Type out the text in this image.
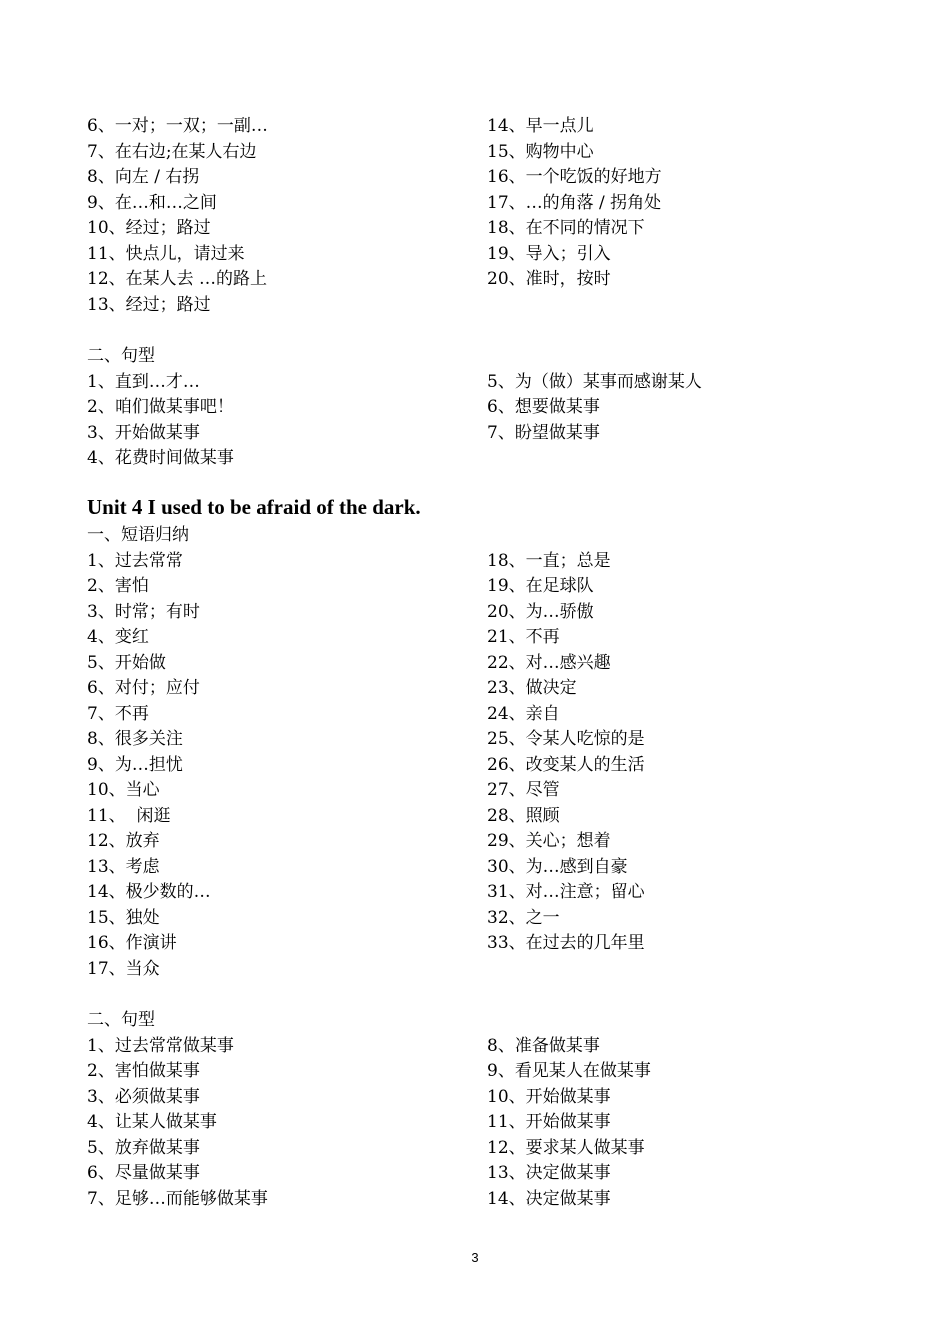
6、一对；一双；一副…
7、在右边;在某人右边
8、向左 / 右拐
9、在…和…之间
10、经过；路过
11、快点儿，请过来
12、在某人去 …的路上
13、经过；路过
14、早一点儿
15、购物中心
16、一个吃饭的好地方
17、…的角落 / 拐角处
18、在不同的情况下
19、导入；引入
20、准时，按时
二、句型
1、直到…才…
2、咱们做某事吧！
3、开始做某事
4、花费时间做某事
5、为（做）某事而感谢某人
6、想要做某事
7、盼望做某事
Unit 4 I used to be afraid of the dark.
一、短语归纳
1、过去常常
2、害怕
3、时常；有时
4、变红
5、开始做
6、对付；应付
7、不再
8、很多关注
9、为…担忧
10、当心
11、  闲逛
12、放弃
13、考虑
14、极少数的…
15、独处
16、作演讲
17、当众
18、一直；总是
19、在足球队
20、为…骄傲
21、不再
22、对…感兴趣
23、做决定
24、亲自
25、令某人吃惊的是
26、改变某人的生活
27、尽管
28、照顾
29、关心；想着
30、为…感到自豪
31、对…注意；留心
32、之一
33、在过去的几年里
二、句型
1、过去常常做某事
2、害怕做某事
3、必须做某事
4、让某人做某事
5、放弃做某事
6、尽量做某事
7、足够…而能够做某事
8、准备做某事
9、看见某人在做某事
10、开始做某事
11、开始做某事
12、要求某人做某事
13、决定做某事
14、决定做某事
3
